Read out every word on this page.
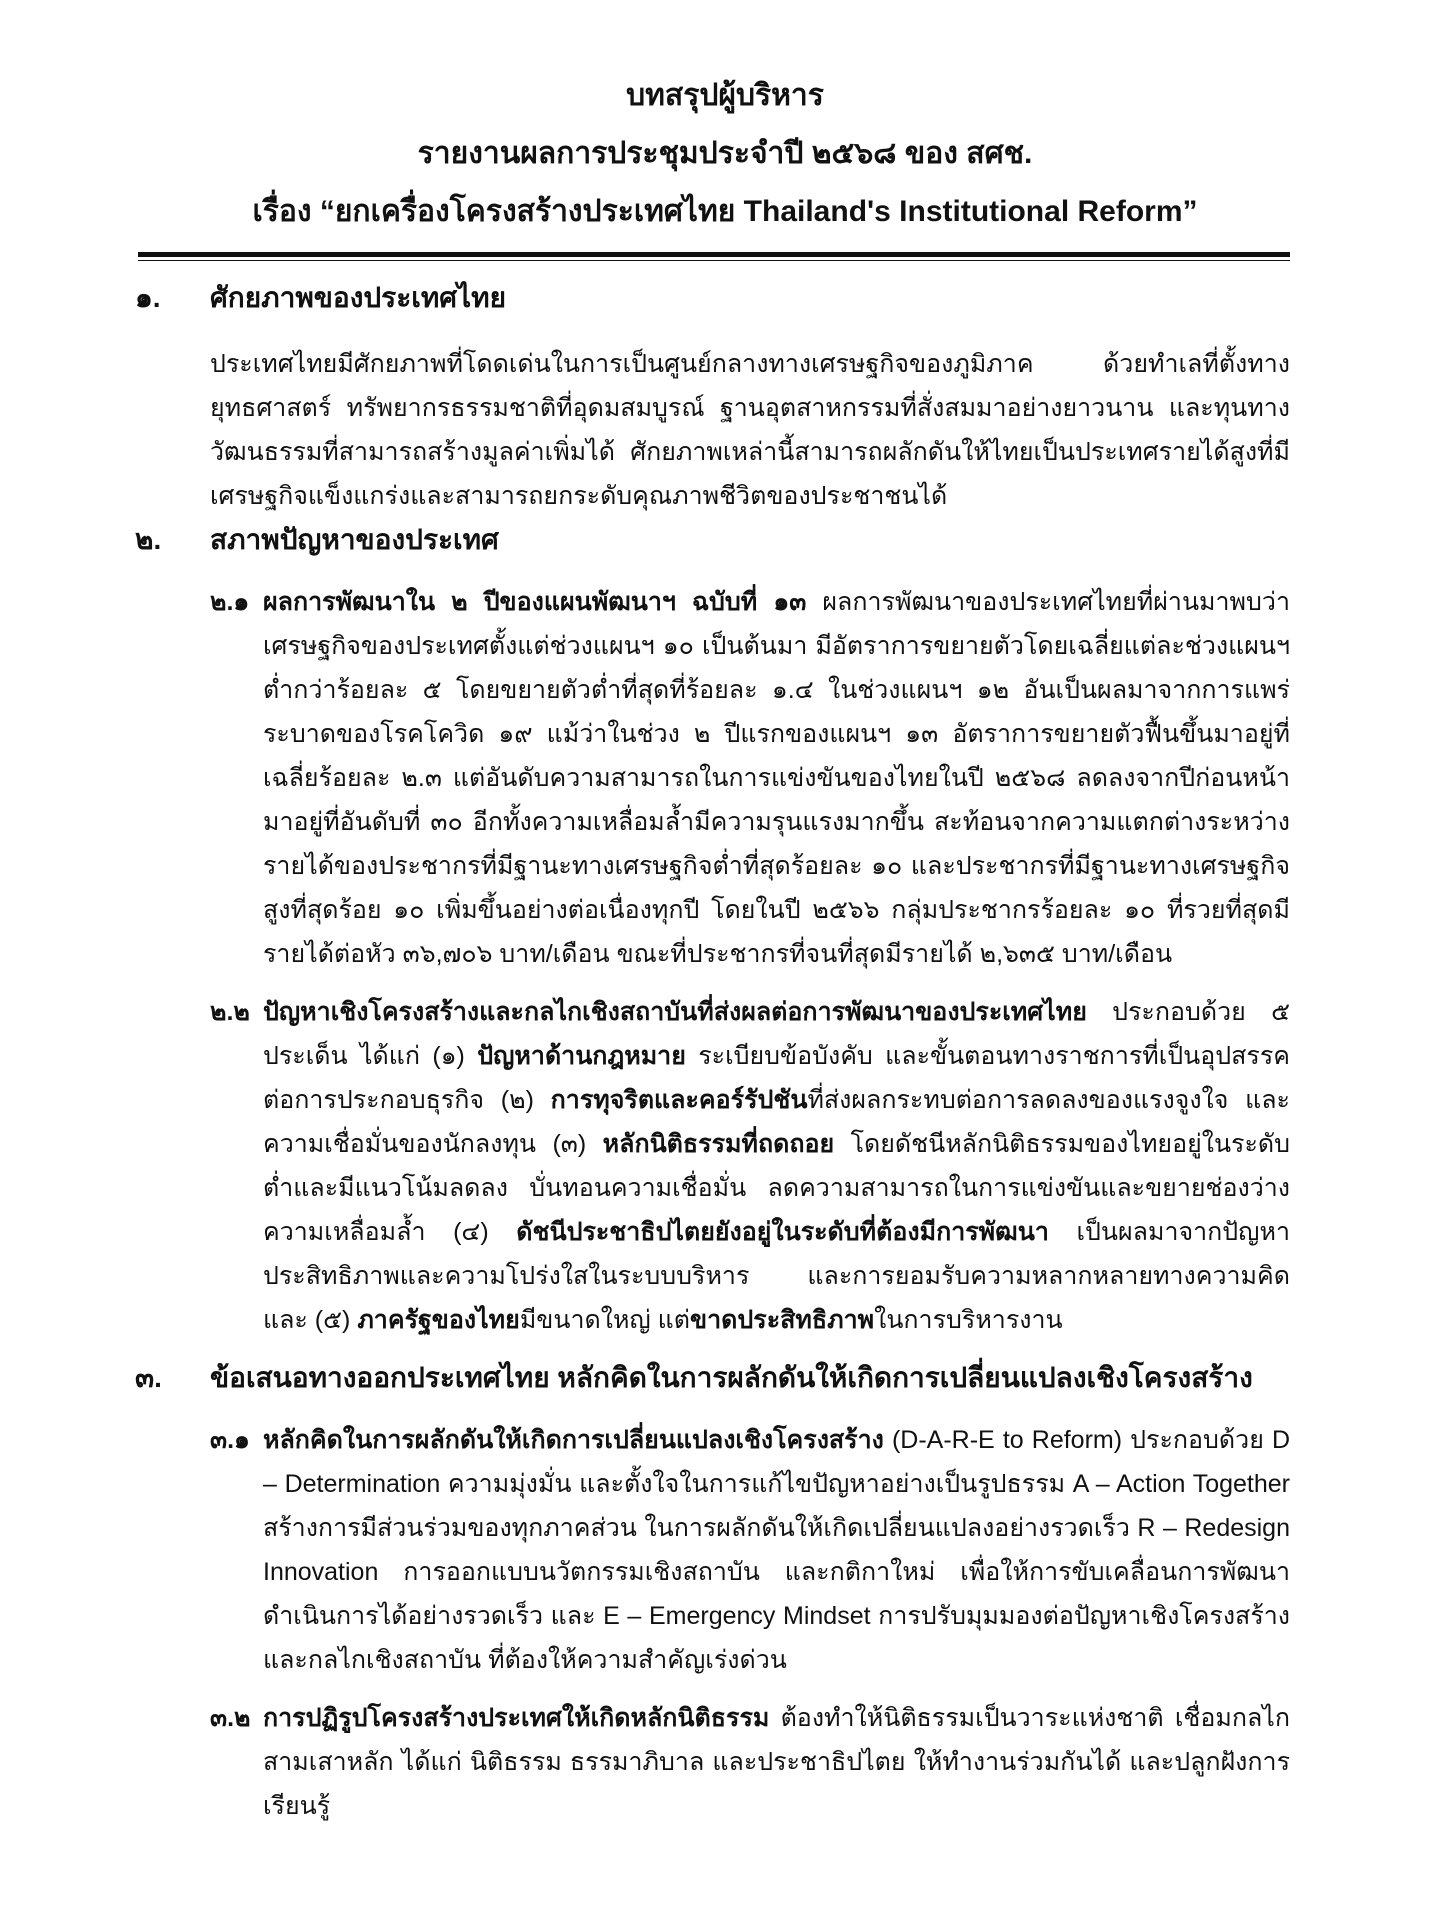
บทสรุปผู้บริหาร
รายงานผลการประชุมประจำปี ๒๕๖๘ ของ สศช.
เรื่อง “ยกเครื่องโครงสร้างประเทศไทย Thailand's Institutional Reform”
๑. ศักยภาพของประเทศไทย
ประเทศไทยมีศักยภาพที่โดดเด่นในการเป็นศูนย์กลางทางเศรษฐกิจของภูมิภาค ด้วยทำเลที่ตั้งทางยุทธศาสตร์ ทรัพยากรธรรมชาติที่อุดมสมบูรณ์ ฐานอุตสาหกรรมที่สั่งสมมาอย่างยาวนาน และทุนทางวัฒนธรรมที่สามารถสร้างมูลค่าเพิ่มได้ ศักยภาพเหล่านี้สามารถผลักดันให้ไทยเป็นประเทศรายได้สูงที่มีเศรษฐกิจแข็งแกร่งและสามารถยกระดับคุณภาพชีวิตของประชาชนได้
๒. สภาพปัญหาของประเทศ
๒.๑ ผลการพัฒนาใน ๒ ปีของแผนพัฒนาฯ ฉบับที่ ๑๓ ผลการพัฒนาของประเทศไทยที่ผ่านมาพบว่า เศรษฐกิจของประเทศตั้งแต่ช่วงแผนฯ ๑๐ เป็นต้นมา มีอัตราการขยายตัวโดยเฉลี่ยแต่ละช่วงแผนฯ ต่ำกว่าร้อยละ ๕ โดยขยายตัวต่ำที่สุดที่ร้อยละ ๑.๔ ในช่วงแผนฯ ๑๒ อันเป็นผลมาจากการแพร่ระบาดของโรคโควิด ๑๙ แม้ว่าในช่วง ๒ ปีแรกของแผนฯ ๑๓ อัตราการขยายตัวฟื้นขึ้นมาอยู่ที่เฉลี่ยร้อยละ ๒.๓ แต่อันดับความสามารถในการแข่งขันของไทยในปี ๒๕๖๘ ลดลงจากปีก่อนหน้า มาอยู่ที่อันดับที่ ๓๐ อีกทั้งความเหลื่อมล้ำมีความรุนแรงมากขึ้น สะท้อนจากความแตกต่างระหว่างรายได้ของประชากรที่มีฐานะทางเศรษฐกิจต่ำที่สุดร้อยละ ๑๐ และประชากรที่มีฐานะทางเศรษฐกิจสูงที่สุดร้อย ๑๐ เพิ่มขึ้นอย่างต่อเนื่องทุกปี โดยในปี ๒๕๖๖ กลุ่มประชากรร้อยละ ๑๐ ที่รวยที่สุดมีรายได้ต่อหัว ๓๖,๗๐๖ บาท/เดือน ขณะที่ประชากรที่จนที่สุดมีรายได้ ๒,๖๓๕ บาท/เดือน
๒.๒ ปัญหาเชิงโครงสร้างและกลไกเชิงสถาบันที่ส่งผลต่อการพัฒนาของประเทศไทย ประกอบด้วย ๕ ประเด็น ได้แก่ (๑) ปัญหาด้านกฎหมาย ระเบียบข้อบังคับ และขั้นตอนทางราชการที่เป็นอุปสรรคต่อการประกอบธุรกิจ (๒) การทุจริตและคอร์รัปชันที่ส่งผลกระทบต่อการลดลงของแรงจูงใจ และความเชื่อมั่นของนักลงทุน (๓) หลักนิติธรรมที่ถดถอย โดยดัชนีหลักนิติธรรมของไทยอยู่ในระดับต่ำและมีแนวโน้มลดลง บั่นทอนความเชื่อมั่น ลดความสามารถในการแข่งขันและขยายช่องว่างความเหลื่อมล้ำ (๔) ดัชนีประชาธิปไตยยังอยู่ในระดับที่ต้องมีการพัฒนา เป็นผลมาจากปัญหาประสิทธิภาพและความโปร่งใสในระบบบริหาร และการยอมรับความหลากหลายทางความคิด และ (๕) ภาครัฐของไทยมีขนาดใหญ่ แต่ขาดประสิทธิภาพในการบริหารงาน
๓. ข้อเสนอทางออกประเทศไทย หลักคิดในการผลักดันให้เกิดการเปลี่ยนแปลงเชิงโครงสร้าง
๓.๑ หลักคิดในการผลักดันให้เกิดการเปลี่ยนแปลงเชิงโครงสร้าง (D-A-R-E to Reform) ประกอบด้วย D – Determination ความมุ่งมั่น และตั้งใจในการแก้ไขปัญหาอย่างเป็นรูปธรรม A – Action Together สร้างการมีส่วนร่วมของทุกภาคส่วน ในการผลักดันให้เกิดเปลี่ยนแปลงอย่างรวดเร็ว R – Redesign Innovation การออกแบบนวัตกรรมเชิงสถาบัน และกติกาใหม่ เพื่อให้การขับเคลื่อนการพัฒนาดำเนินการได้อย่างรวดเร็ว และ E – Emergency Mindset การปรับมุมมองต่อปัญหาเชิงโครงสร้างและกลไกเชิงสถาบัน ที่ต้องให้ความสำคัญเร่งด่วน
๓.๒ การปฏิรูปโครงสร้างประเทศให้เกิดหลักนิติธรรม ต้องทำให้นิติธรรมเป็นวาระแห่งชาติ เชื่อมกลไกสามเสาหลัก ได้แก่ นิติธรรม ธรรมาภิบาล และประชาธิปไตย ให้ทำงานร่วมกันได้ และปลูกฝังการเรียนรู้
